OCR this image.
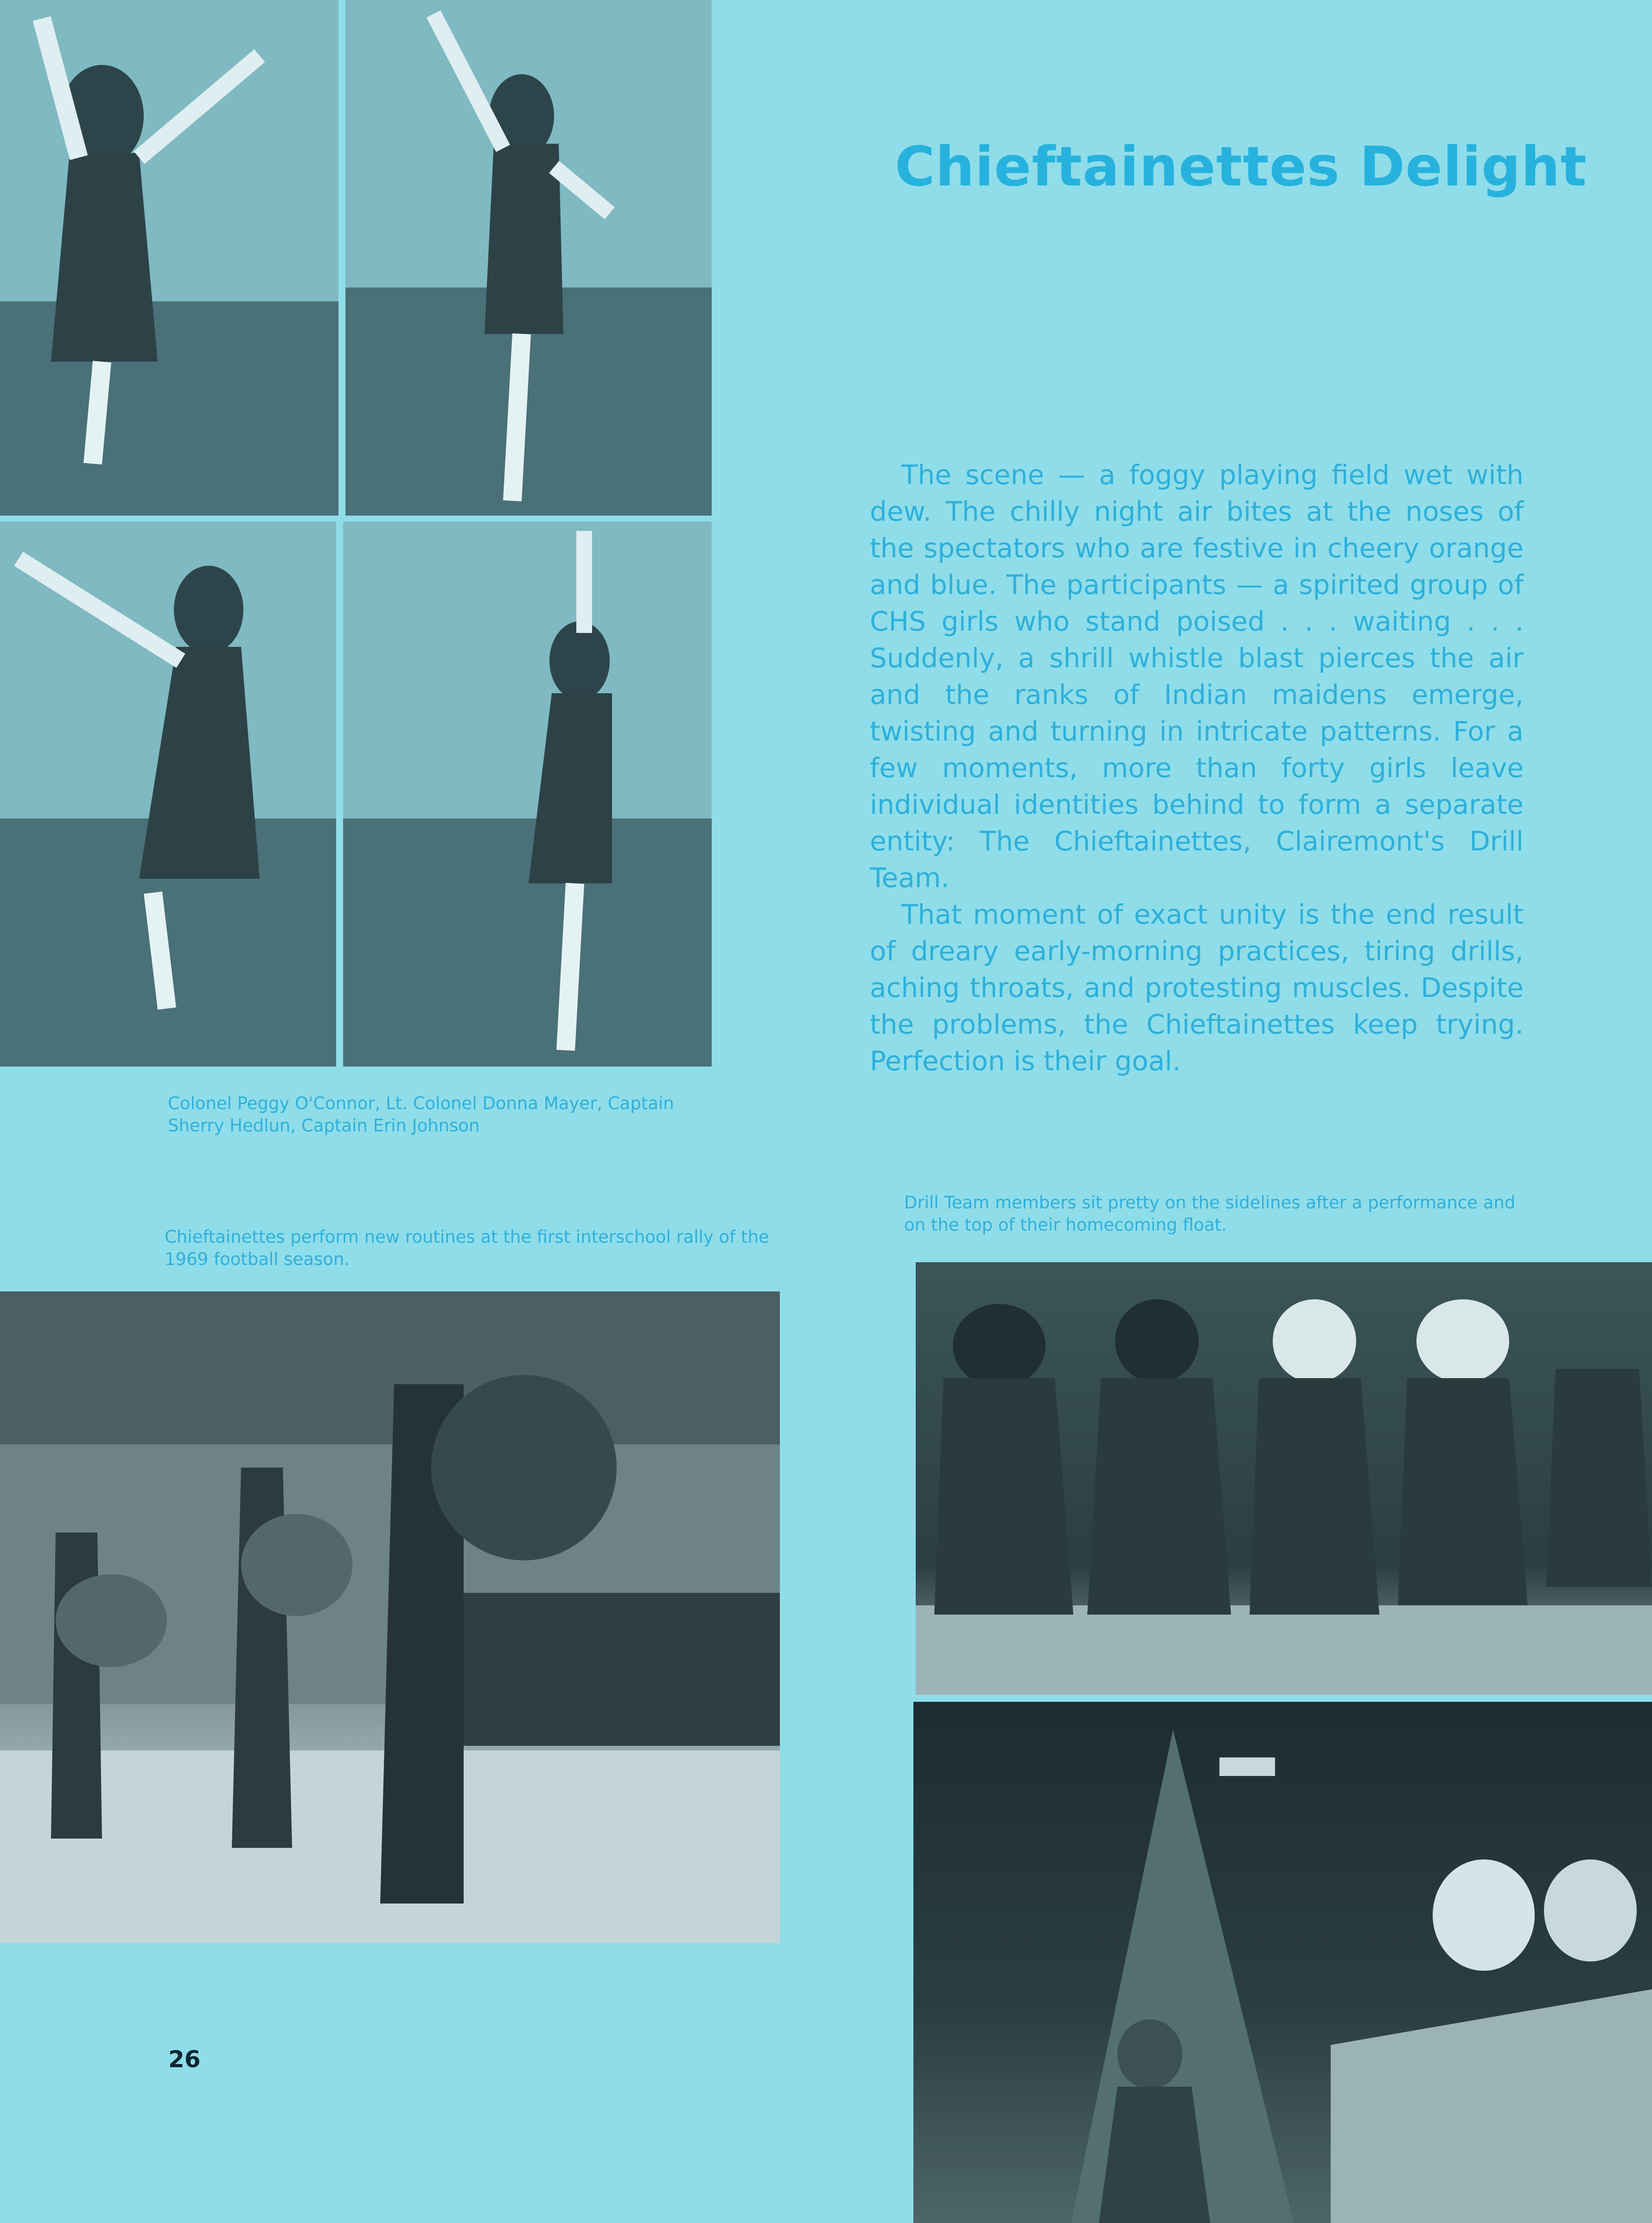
Chieftainettes Delight

The scene — a foggy playing field wet with dew. The chilly night air bites at the noses of the spectators who are festive in cheery orange and blue. The participants — a spirited group of CHS girls who stand poised . . . waiting . . . Suddenly, a shrill whistle blast pierces the air and the ranks of Indian maidens emerge, twisting and turning in intricate patterns. For a few moments, more than forty girls leave individual identities behind to form a separate entity: The Chieftainettes, Clairemont's Drill Team.

That moment of exact unity is the end result of dreary early-morning practices, tiring drills, aching throats, and protesting muscles. Despite the problems, the Chieftainettes keep trying. Perfection is their goal.

Colonel Peggy O'Connor, Lt. Colonel Donna Mayer, Captain Sherry Hedlun, Captain Erin Johnson

Drill Team members sit pretty on the sidelines after a performance and on the top of their homecoming float.

Chieftainettes perform new routines at the first interschool rally of the 1969 football season.

26
